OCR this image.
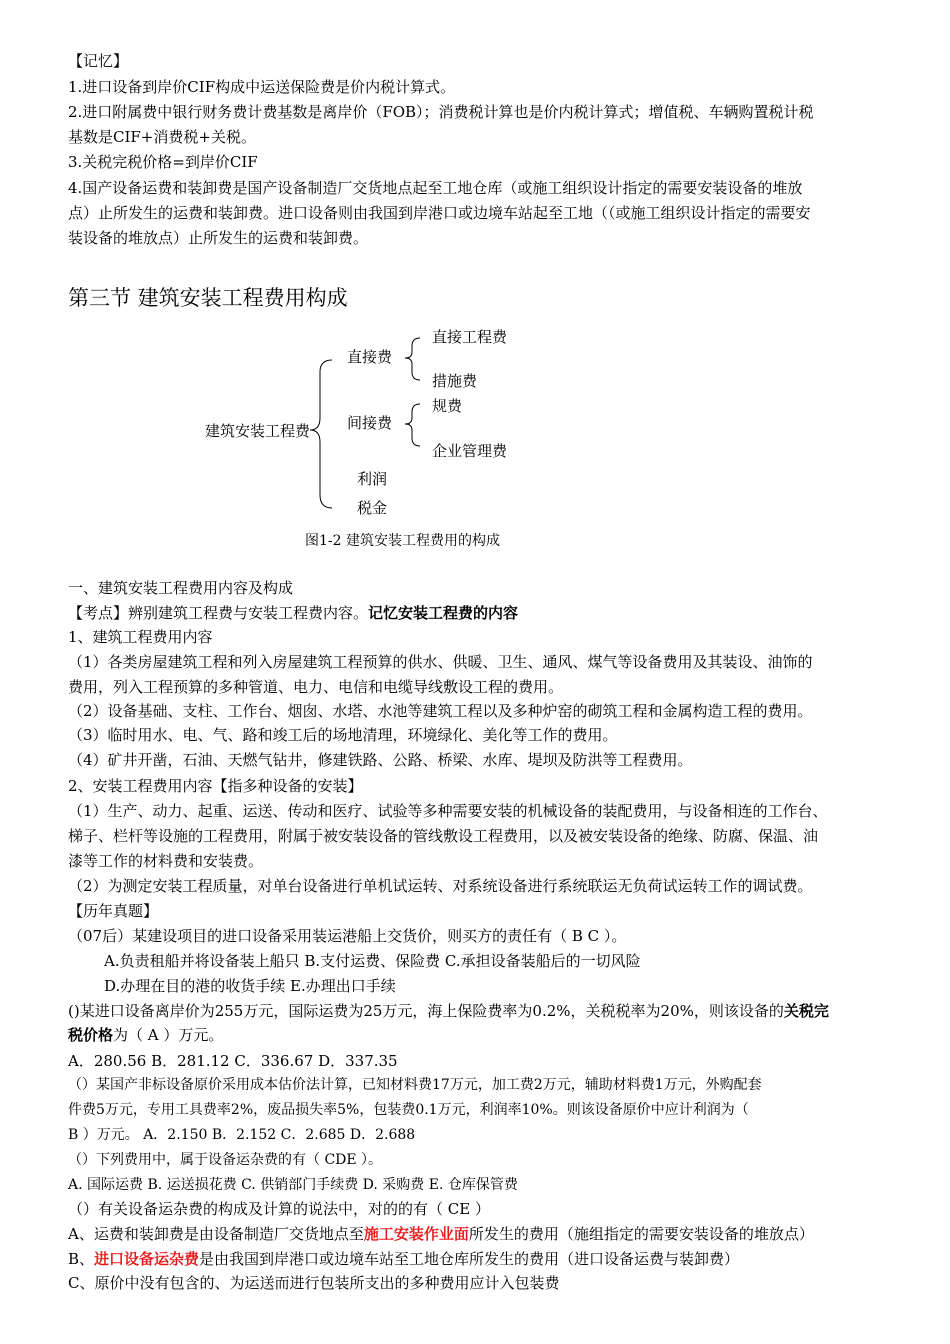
【记忆】
1.进口设备到岸价CIF构成中运送保险费是价内税计算式。
2.进口附属费中银行财务费计费基数是离岸价（FOB）；消费税计算也是价内税计算式；增值税、车辆购置税计税
基数是CIF+消费税+关税。
3.关税完税价格=到岸价CIF
4.国产设备运费和装卸费是国产设备制造厂交货地点起至工地仓库（或施工组织设计指定的需要安装设备的堆放
点）止所发生的运费和装卸费。进口设备则由我国到岸港口或边境车站起至工地（（或施工组织设计指定的需要安
装设备的堆放点）止所发生的运费和装卸费。
第三节 建筑安装工程费用构成
建筑安装工程费
直接费
间接费
利润
税金
直接工程费
措施费
规费
企业管理费
图1-2 建筑安装工程费用的构成
一、建筑安装工程费用内容及构成
【考点】辨别建筑工程费与安装工程费内容。记忆安装工程费的内容
1、建筑工程费用内容
（1）各类房屋建筑工程和列入房屋建筑工程预算的供水、供暖、卫生、通风、煤气等设备费用及其装设、油饰的
费用，列入工程预算的多种管道、电力、电信和电缆导线敷设工程的费用。
（2）设备基础、支柱、工作台、烟囱、水塔、水池等建筑工程以及多种炉窑的砌筑工程和金属构造工程的费用。
（3）临时用水、电、气、路和竣工后的场地清理，环境绿化、美化等工作的费用。
（4）矿井开凿，石油、天燃气钻井，修建铁路、公路、桥梁、水库、堤坝及防洪等工程费用。
2、安装工程费用内容【指多种设备的安装】
（1）生产、动力、起重、运送、传动和医疗、试验等多种需要安装的机械设备的装配费用，与设备相连的工作台、
梯子、栏杆等设施的工程费用，附属于被安装设备的管线敷设工程费用，以及被安装设备的绝缘、防腐、保温、油
漆等工作的材料费和安装费。
（2）为测定安装工程质量，对单台设备进行单机试运转、对系统设备进行系统联运无负荷试运转工作的调试费。
【历年真题】
（07后）某建设项目的进口设备采用装运港船上交货价，则买方的责任有（ B C ）。
A.负责租船并将设备装上船只 B.支付运费、保险费 C.承担设备装船后的一切风险
D.办理在目的港的收货手续 E.办理出口手续
()某进口设备离岸价为255万元，国际运费为25万元，海上保险费率为0.2%，关税税率为20%，则该设备的关税完
税价格为（ A ）万元。
A．280.56 B．281.12 C．336.67 D．337.35
（）某国产非标设备原价采用成本估价法计算，已知材料费17万元，加工费2万元，辅助材料费1万元，外购配套
件费5万元，专用工具费率2%，废品损失率5%，包装费0.1万元，利润率10%。则该设备原价中应计利润为（
B ）万元。 A．2.150 B．2.152 C．2.685 D．2.688
（）下列费用中，属于设备运杂费的有（ CDE ）。
A. 国际运费 B. 运送损花费 C. 供销部门手续费 D. 采购费 E. 仓库保管费
（）有关设备运杂费的构成及计算的说法中，对的的有（ CE ）
A、运费和装卸费是由设备制造厂交货地点至施工安装作业面所发生的费用（施组指定的需要安装设备的堆放点）
B、进口设备运杂费是由我国到岸港口或边境车站至工地仓库所发生的费用（进口设备运费与装卸费）
C、原价中没有包含的、为运送而进行包装所支出的多种费用应计入包装费
